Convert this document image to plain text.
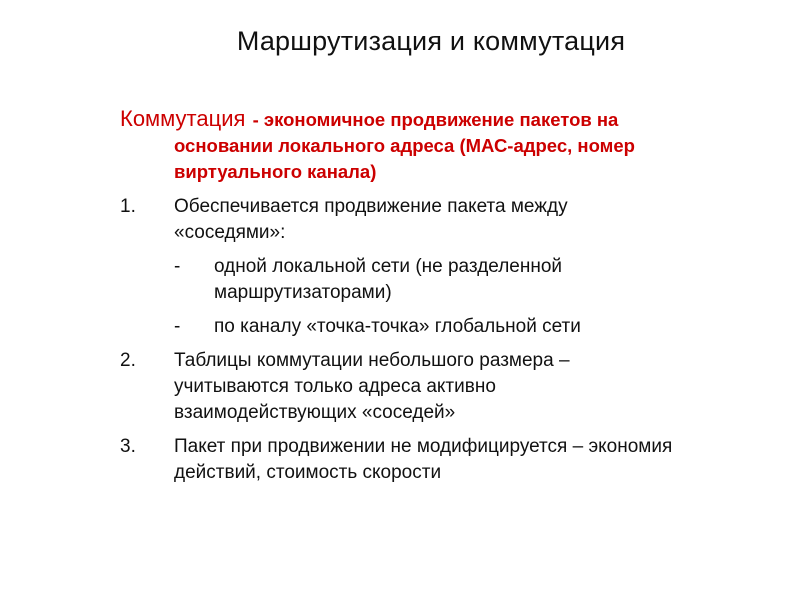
Маршрутизация и коммутация
Коммутация - экономичное продвижение пакетов на основании локального адреса (МАС-адрес, номер виртуального канала)
1. Обеспечивается продвижение пакета между «соседями»:
- одной локальной сети (не разделенной маршрутизаторами)
- по каналу «точка-точка» глобальной сети
2. Таблицы коммутации небольшого размера – учитываются только адреса активно взаимодействующих «соседей»
3. Пакет при продвижении не модифицируется – экономия действий, стоимость скорости
